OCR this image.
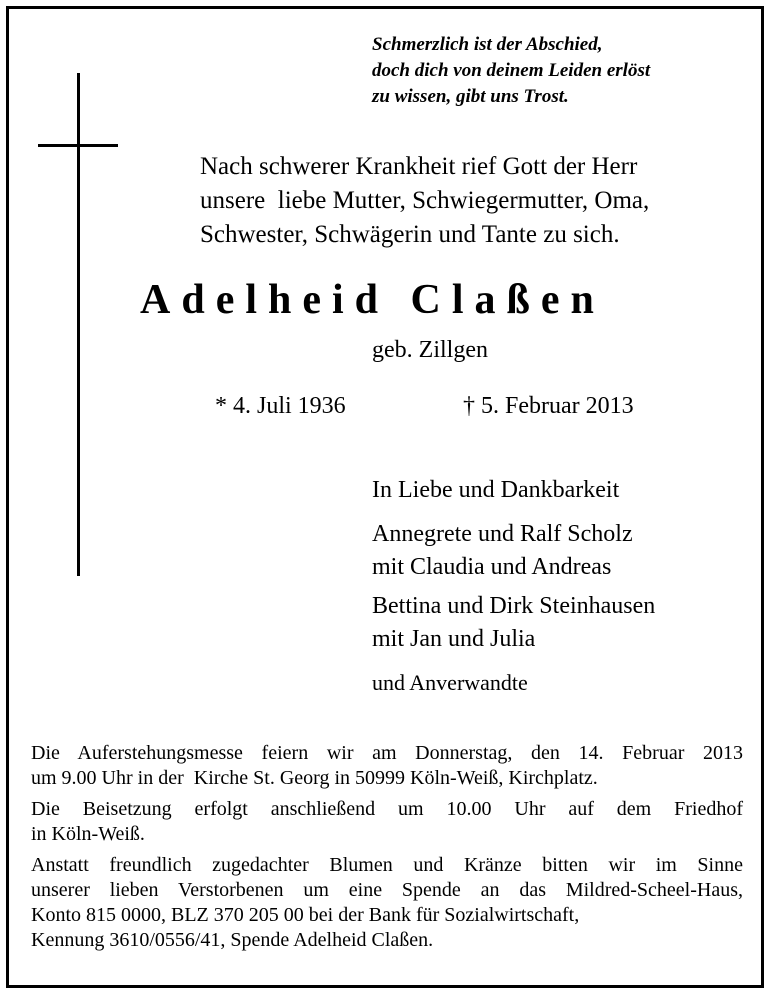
Schmerzlich ist der Abschied,
doch dich von deinem Leiden erlöst
zu wissen, gibt uns Trost.
Nach schwerer Krankheit rief Gott der Herr
unsere  liebe Mutter, Schwiegermutter, Oma,
Schwester, Schwägerin und Tante zu sich.
Adelheid Claßen
geb. Zillgen
* 4. Juli 1936	† 5. Februar 2013
In Liebe und Dankbarkeit
Annegrete und Ralf Scholz
mit Claudia und Andreas
Bettina und Dirk Steinhausen
mit Jan und Julia
und Anverwandte

Die Auferstehungsmesse feiern wir am Donnerstag, den 14. Februar 2013
um 9.00 Uhr in der  Kirche St. Georg in 50999 Köln-Weiß, Kirchplatz.

Die Beisetzung erfolgt anschließend um 10.00 Uhr auf dem Friedhof
in Köln-Weiß.

Anstatt freundlich zugedachter Blumen und Kränze bitten wir im Sinne
unserer lieben Verstorbenen um eine Spende an das Mildred-Scheel-Haus,
Konto 815 0000, BLZ 370 205 00 bei der Bank für Sozialwirtschaft,
Kennung 3610/0556/41, Spende Adelheid Claßen.
